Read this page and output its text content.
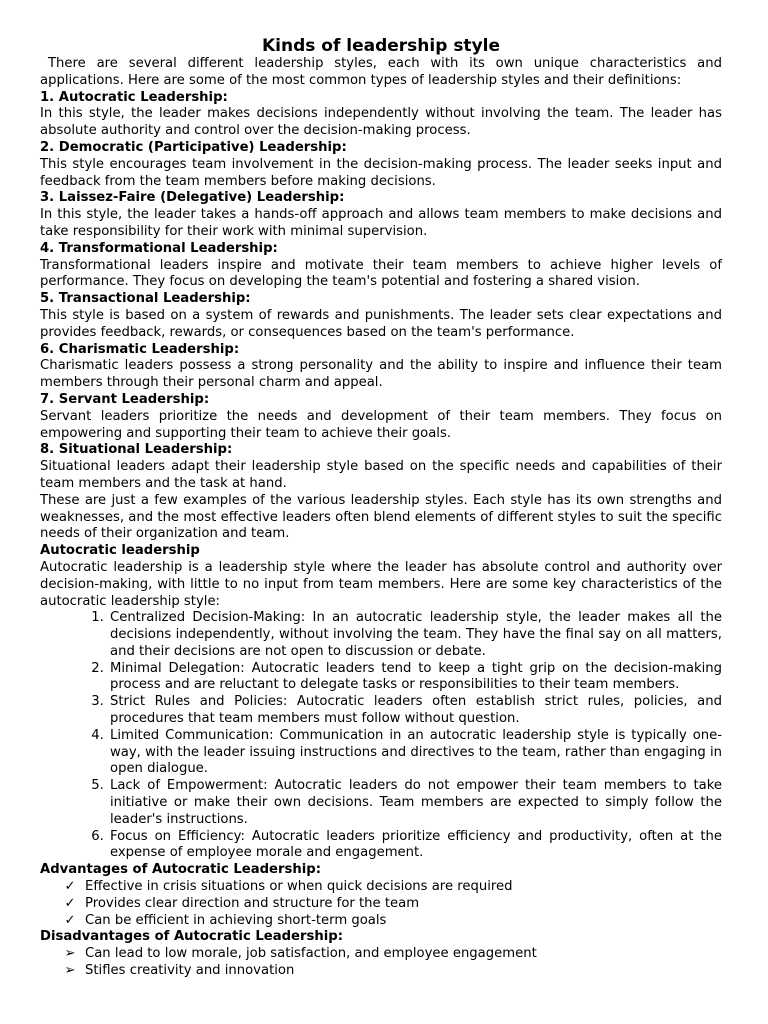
Kinds of leadership style

There are several different leadership styles, each with its own unique characteristics and applications. Here are some of the most common types of leadership styles and their definitions:

1. Autocratic Leadership:

In this style, the leader makes decisions independently without involving the team. The leader has absolute authority and control over the decision-making process.

2. Democratic (Participative) Leadership:

This style encourages team involvement in the decision-making process. The leader seeks input and feedback from the team members before making decisions.

3. Laissez-Faire (Delegative) Leadership:

In this style, the leader takes a hands-off approach and allows team members to make decisions and take responsibility for their work with minimal supervision.

4. Transformational Leadership:

Transformational leaders inspire and motivate their team members to achieve higher levels of performance. They focus on developing the team's potential and fostering a shared vision.

5. Transactional Leadership:

This style is based on a system of rewards and punishments. The leader sets clear expectations and provides feedback, rewards, or consequences based on the team's performance.

6. Charismatic Leadership:

Charismatic leaders possess a strong personality and the ability to inspire and influence their team members through their personal charm and appeal.

7. Servant Leadership:

Servant leaders prioritize the needs and development of their team members. They focus on empowering and supporting their team to achieve their goals.

8. Situational Leadership:

Situational leaders adapt their leadership style based on the specific needs and capabilities of their team members and the task at hand.

These are just a few examples of the various leadership styles. Each style has its own strengths and weaknesses, and the most effective leaders often blend elements of different styles to suit the specific needs of their organization and team.

Autocratic leadership

Autocratic leadership is a leadership style where the leader has absolute control and authority over decision-making, with little to no input from team members. Here are some key characteristics of the autocratic leadership style:

1. Centralized Decision-Making: In an autocratic leadership style, the leader makes all the decisions independently, without involving the team. They have the final say on all matters, and their decisions are not open to discussion or debate.
2. Minimal Delegation: Autocratic leaders tend to keep a tight grip on the decision-making process and are reluctant to delegate tasks or responsibilities to their team members.
3. Strict Rules and Policies: Autocratic leaders often establish strict rules, policies, and procedures that team members must follow without question.
4. Limited Communication: Communication in an autocratic leadership style is typically one-way, with the leader issuing instructions and directives to the team, rather than engaging in open dialogue.
5. Lack of Empowerment: Autocratic leaders do not empower their team members to take initiative or make their own decisions. Team members are expected to simply follow the leader's instructions.
6. Focus on Efficiency: Autocratic leaders prioritize efficiency and productivity, often at the expense of employee morale and engagement.
Advantages of Autocratic Leadership:
✓ Effective in crisis situations or when quick decisions are required
✓ Provides clear direction and structure for the team
✓ Can be efficient in achieving short-term goals
Disadvantages of Autocratic Leadership:
➢ Can lead to low morale, job satisfaction, and employee engagement
➢ Stifles creativity and innovation
